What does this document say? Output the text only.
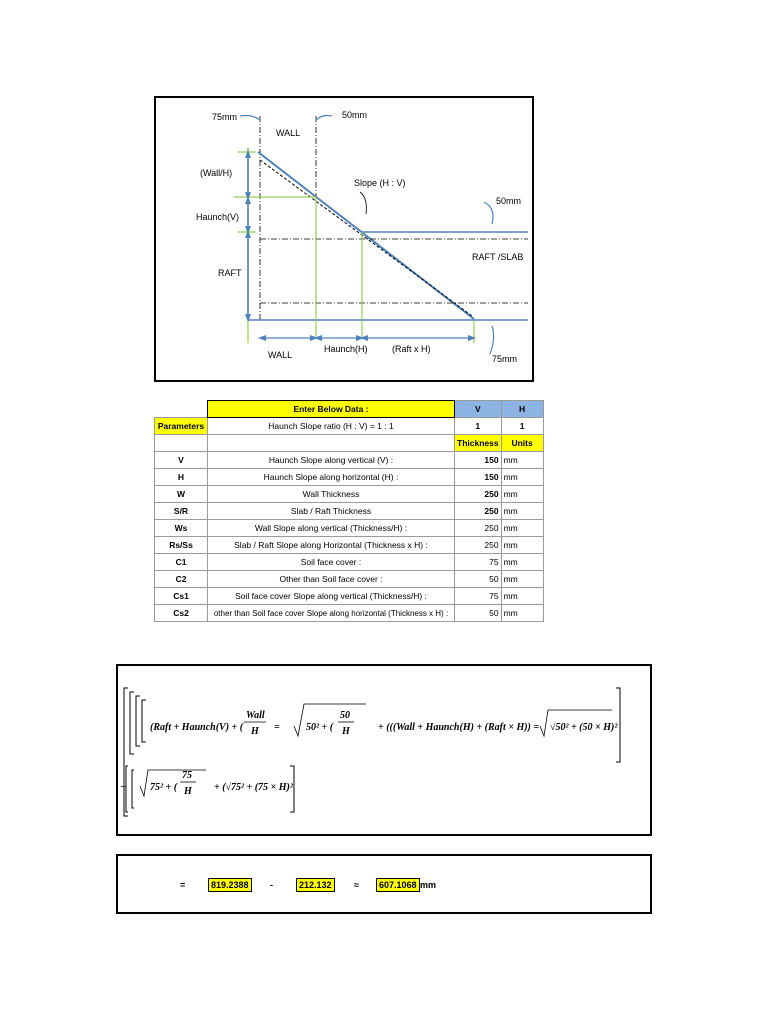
75mm
WALL
50mm
(Wall/H)
Slope (H : V)
Haunch(V)
50mm
RAFT
RAFT /SLAB
WALL
Haunch(H)	(Raft x H)
75mm
	Enter Below Data :	V	H
Parameters	Haunch Slope ratio (H : V) = 1 : 1	1	1
		Thickness	Units
V	Haunch Slope along vertical (V) :	150	mm
H	Haunch Slope along horizontal (H) :	150	mm
W	Wall Thickness	250	mm
S/R	Slab / Raft Thickness	250	mm
Ws	Wall Slope along vertical (Thickness/H) :	250	mm
Rs/Ss	Slab / Raft Slope along Horizontal (Thickness x H) :	250	mm
C1	Soil face cover :	75	mm
C2	Other than Soil face cover :	50	mm
Cs1	Soil face cover Slope along vertical (Thickness/H) :	75	mm
Cs2	other than Soil face cover Slope along horizontal (Thickness x H) :	50	mm
(Raft + Haunch(V) + (
Wall
H =	50² + (
50
H	+ (((Wall + Haunch(H) + (Raft × H)) = √50² + (50 × H)²
− 75² + (
75
H + (√75² + (75 × H)²
=	819.2388	-	212.132	≈	607.1068 mm
